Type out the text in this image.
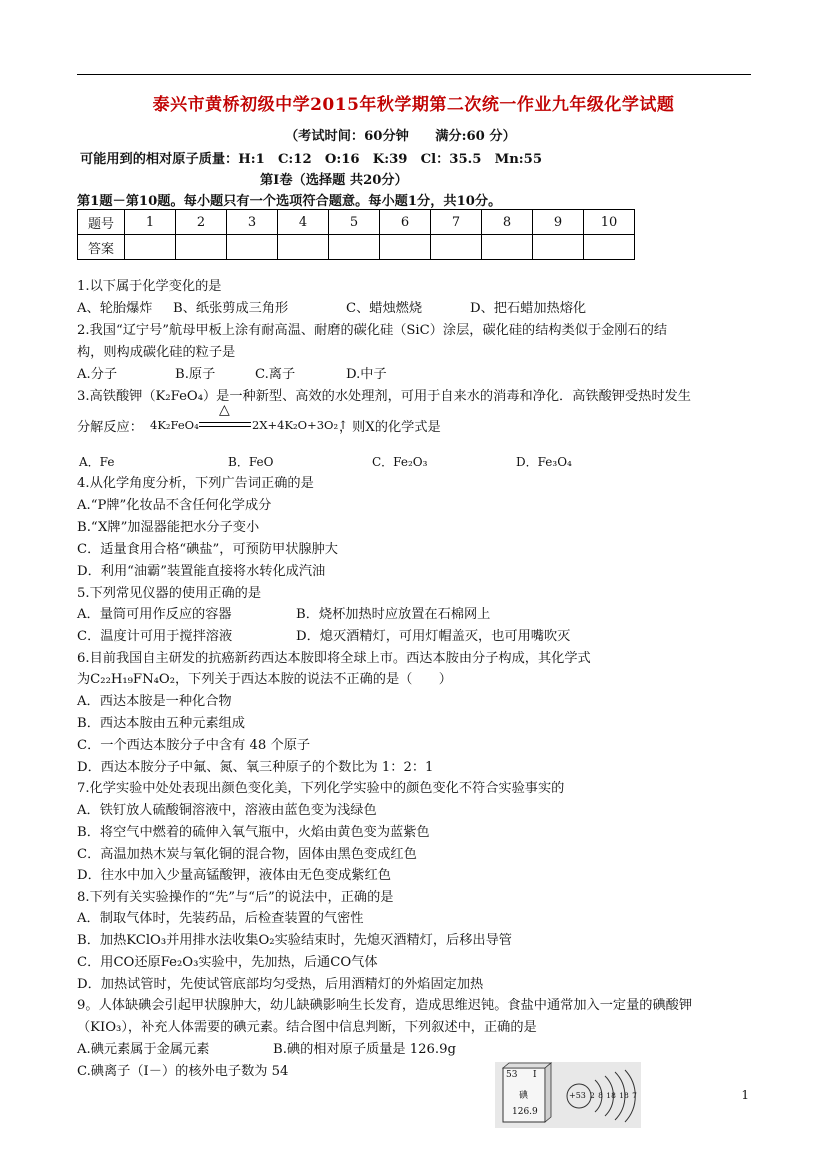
泰兴市黄桥初级中学2015年秋学期第二次统一作业九年级化学试题
（考试时间：60分钟　　满分:60 分）
可能用到的相对原子质量：H:1　C:12　O:16　K:39　Cl：35.5　Mn:55
第Ⅰ卷（选择题 共20分）
第1题－第10题。每小题只有一个选项符合题意。每小题1分，共10分。
题号	1	2	3	4	5	6	7	8	9	10
答案										
1.以下属于化学变化的是
A、轮胎爆炸 B、纸张剪成三角形	C、蜡烛燃烧	D、把石蜡加热熔化
2.我国“辽宁号”航母甲板上涂有耐高温、耐磨的碳化硅（SiC）涂层，碳化硅的结构类似于金刚石的结
构，则构成碳化硅的粒子是
A.分子	B.原子	C.离子	D.中子
3.高铁酸钾（K₂FeO₄）是一种新型、高效的水处理剂，可用于自来水的消毒和净化．高铁酸钾受热时发生
分解反应： 4K₂FeO₄
△
2X+4K₂O+3O₂↑
，则X的化学式是
A．Fe	B．FeO	C．Fe₂O₃	D．Fe₃O₄
4.从化学角度分析，下列广告词正确的是
A.“P牌”化妆品不含任何化学成分
B.“X牌”加湿器能把水分子变小
C．适量食用合格“碘盐”，可预防甲状腺肿大
D．利用“油霸”装置能直接将水转化成汽油
5.下列常见仪器的使用正确的是
A．量筒可用作反应的容器	B．烧杯加热时应放置在石棉网上
C．温度计可用于搅拌溶液	D．熄灭酒精灯，可用灯帽盖灭，也可用嘴吹灭
6.目前我国自主研发的抗癌新药西达本胺即将全球上市。西达本胺由分子构成，其化学式
为C₂₂H₁₉FN₄O₂，下列关于西达本胺的说法不正确的是（　　）
A．西达本胺是一种化合物
B．西达本胺由五种元素组成
C．一个西达本胺分子中含有 48 个原子
D．西达本胺分子中氟、氮、氧三种原子的个数比为 1：2：1
7.化学实验中处处表现出颜色变化美，下列化学实验中的颜色变化不符合实验事实的
A．铁钉放人硫酸铜溶液中，溶液由蓝色变为浅绿色
B．将空气中燃着的硫伸入氧气瓶中，火焰由黄色变为蓝紫色
C．高温加热木炭与氧化铜的混合物，固体由黑色变成红色
D．往水中加入少量高锰酸钾，液体由无色变成紫红色
8.下列有关实验操作的“先”与“后”的说法中，正确的是
A．制取气体时，先装药品，后检查装置的气密性
B．加热KClO₃并用排水法收集O₂实验结束时，先熄灭酒精灯，后移出导管
C．用CO还原Fe₂O₃实验中，先加热，后通CO气体
D．加热试管时，先使试管底部均匀受热，后用酒精灯的外焰固定加热
9。人体缺碘会引起甲状腺肿大，幼儿缺碘影响生长发育，造成思维迟钝。食盐中通常加入一定量的碘酸钾
（KIO₃），补充人体需要的碘元素。结合图中信息判断，下列叙述中，正确的是
A.碘元素属于金属元素	B.碘的相对原子质量是 126.9g
C.碘离子（I－）的核外电子数为 54	53 I
碘
126.9
+53 2 8 18 18 7	1
